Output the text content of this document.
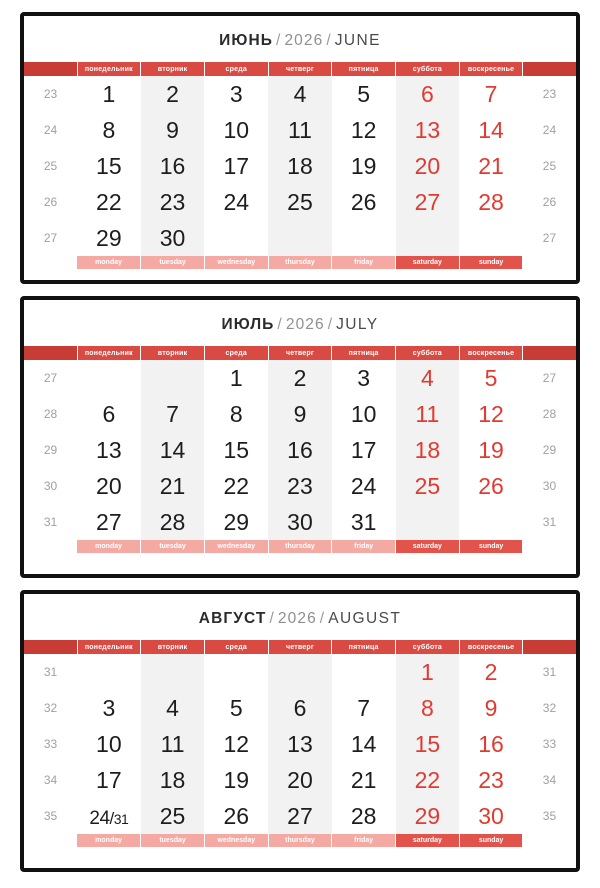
ИЮНЬ / 2026 / JUNE
	понедельник	вторник	среда	четверг	пятница	суббота	воскресенье	
23	1	2	3	4	5	6	7	23
24	8	9	10	11	12	13	14	24
25	15	16	17	18	19	20	21	25
26	22	23	24	25	26	27	28	26
27	29	30						27
	monday	tuesday	wednesday	thursday	friday	saturday	sunday	
ИЮЛЬ / 2026 / JULY
	понедельник	вторник	среда	четверг	пятница	суббота	воскресенье	
27			1	2	3	4	5	27
28	6	7	8	9	10	11	12	28
29	13	14	15	16	17	18	19	29
30	20	21	22	23	24	25	26	30
31	27	28	29	30	31			31
	monday	tuesday	wednesday	thursday	friday	saturday	sunday	
АВГУСТ / 2026 / AUGUST
	понедельник	вторник	среда	четверг	пятница	суббота	воскресенье	
31						1	2	31
32	3	4	5	6	7	8	9	32
33	10	11	12	13	14	15	16	33
34	17	18	19	20	21	22	23	34
35	24/31	25	26	27	28	29	30	35
	monday	tuesday	wednesday	thursday	friday	saturday	sunday	
